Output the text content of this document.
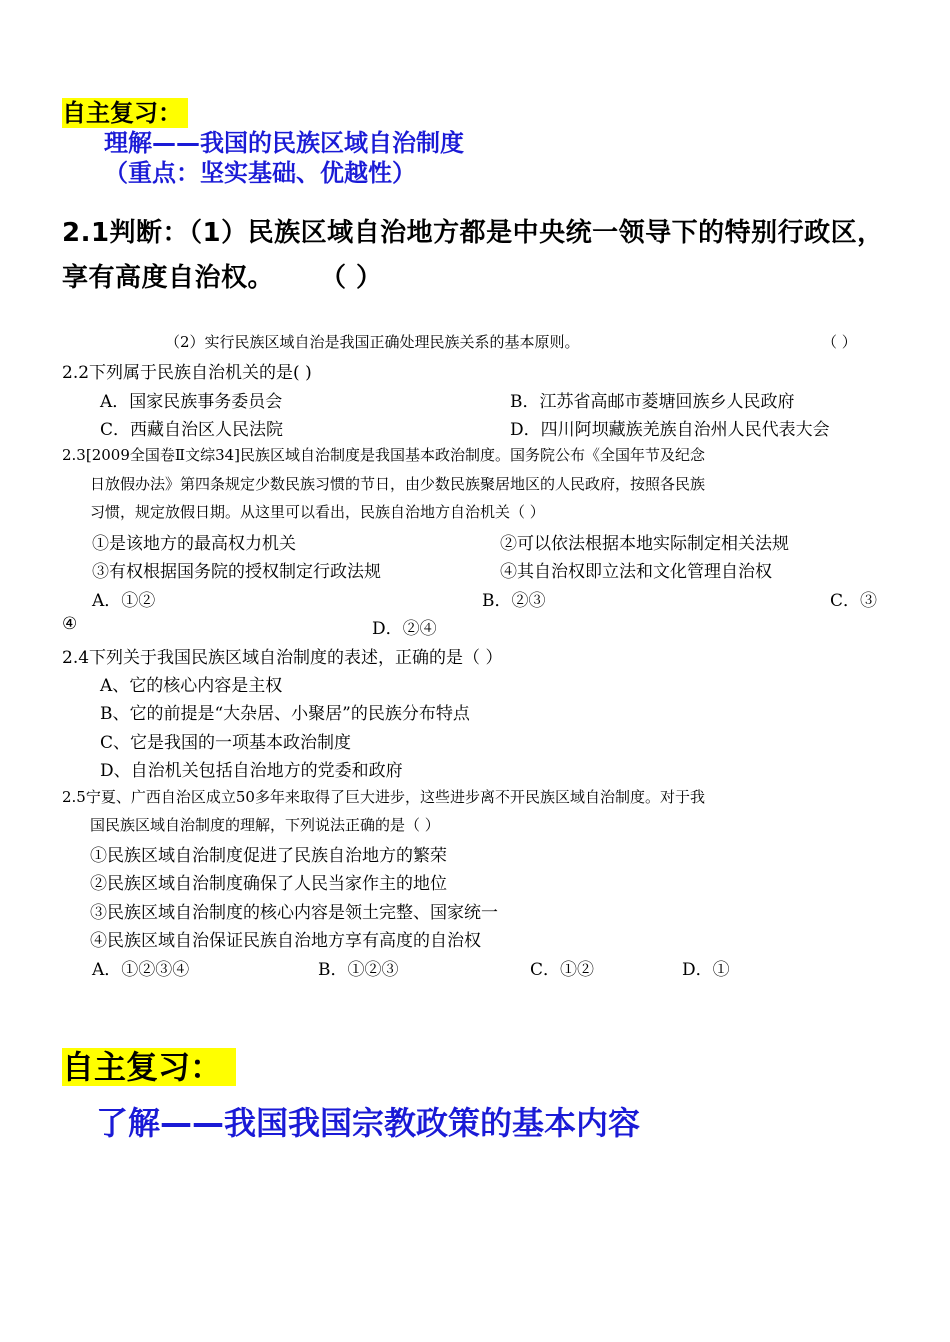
自主复习：
理解——我国的民族区域自治制度
（重点：坚实基础、优越性）
2.1判断：（1）民族区域自治地方都是中央统一领导下的特别行政区，
享有高度自治权。 （ ）
（2）实行民族区域自治是我国正确处理民族关系的基本原则。	（ ）
2.2下列属于民族自治机关的是( )
A．国家民族事务委员会	B．江苏省高邮市菱塘回族乡人民政府
C．西藏自治区人民法院	D．四川阿坝藏族羌族自治州人民代表大会
2.3[2009全国卷Ⅱ文综34]民族区域自治制度是我国基本政治制度。国务院公布《全国年节及纪念
日放假办法》第四条规定少数民族习惯的节日，由少数民族聚居地区的人民政府，按照各民族
习惯，规定放假日期。从这里可以看出，民族自治地方自治机关（ ）
①是该地方的最高权力机关	②可以依法根据本地实际制定相关法规
③有权根据国务院的授权制定行政法规	④其自治权即立法和文化管理自治权
A．①②	B．②③	C．③
④	D．②④
2.4下列关于我国民族区域自治制度的表述，正确的是（ ）
A、它的核心内容是主权
B、它的前提是“大杂居、小聚居”的民族分布特点
C、它是我国的一项基本政治制度
D、自治机关包括自治地方的党委和政府
2.5宁夏、广西自治区成立50多年来取得了巨大进步，这些进步离不开民族区域自治制度。对于我
国民族区域自治制度的理解，下列说法正确的是（ ）
①民族区域自治制度促进了民族自治地方的繁荣
②民族区域自治制度确保了人民当家作主的地位
③民族区域自治制度的核心内容是领土完整、国家统一
④民族区域自治保证民族自治地方享有高度的自治权
A．①②③④	B．①②③	C．①②	D．①
自主复习：
了解——我国我国宗教政策的基本内容
